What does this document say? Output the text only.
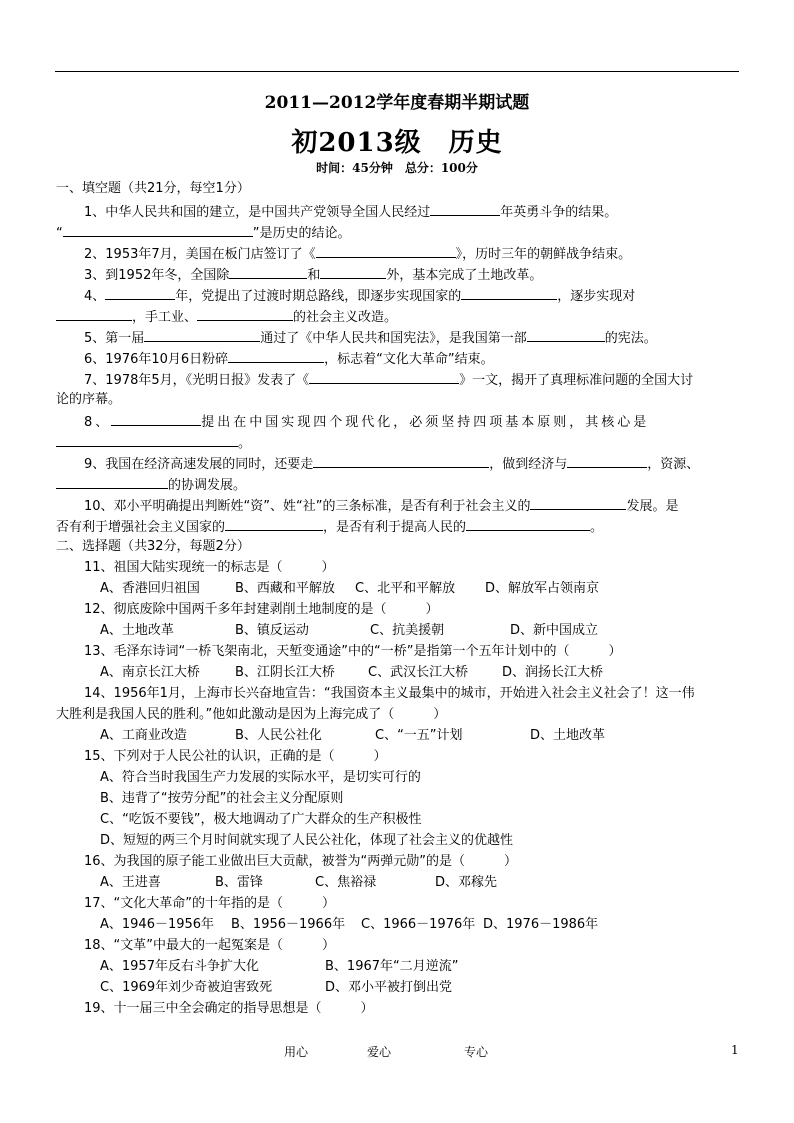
2011—2012学年度春期半期试题
初2013级　历史
时间：45分钟　总分：100分
一、填空题（共21分，每空1分）
1、中华人民共和国的建立，是中国共产党领导全国人民经过	年英勇斗争的结果。
“	”是历史的结论。
2、1953年7月，美国在板门店签订了《	》，历时三年的朝鲜战争结束。
3、到1952年冬，全国除	和	外，基本完成了土地改革。
4、	年，党提出了过渡时期总路线，即逐步实现国家的	，逐步实现对
，手工业、	的社会主义改造。
5、第一届	通过了《中华人民共和国宪法》，是我国第一部	的宪法。
6、1976年10月6日粉碎	，标志着“文化大革命”结束。
7、1978年5月，《光明日报》发表了《	》一文，揭开了真理标准问题的全国大讨
论的序幕。
8、	提出在中国实现四个现代化，必须坚持四项基本原则，其核心是
。
9、我国在经济高速发展的同时，还要走	，做到经济与	，资源、
的协调发展。
10、邓小平明确提出判断姓“资”、姓“社”的三条标准，是否有利于社会主义的	发展。是
否有利于增强社会主义国家的	，是否有利于提高人民的	。
二、选择题（共32分，每题2分）
11、祖国大陆实现统一的标志是（　　　）
A、香港回归祖国	B、西藏和平解放 C、北平和平解放 D、解放军占领南京
12、彻底废除中国两千多年封建剥削土地制度的是（　　　）
A、土地改革	B、镇反运动	C、抗美援朝	D、新中国成立
13、毛泽东诗词“一桥飞架南北，天堑变通途”中的“一桥”是指第一个五年计划中的（　　　）
A、南京长江大桥	B、江阴长江大桥	C、武汉长江大桥	D、润扬长江大桥
14、1956年1月，上海市长兴奋地宣告：“我国资本主义最集中的城市，开始进入社会主义社会了！这一伟
大胜利是我国人民的胜利。”他如此激动是因为上海完成了（　　　）
A、工商业改造	B、人民公社化	C、“一五”计划	D、土地改革
15、下列对于人民公社的认识，正确的是（　　　）
A、符合当时我国生产力发展的实际水平，是切实可行的
B、违背了“按劳分配”的社会主义分配原则
C、“吃饭不要钱”，极大地调动了广大群众的生产积极性
D、短短的两三个月时间就实现了人民公社化，体现了社会主义的优越性
16、为我国的原子能工业做出巨大贡献，被誉为“两弹元勋”的是（　　　）
A、王进喜	B、雷锋	C、焦裕禄	D、邓稼先
17、“文化大革命”的十年指的是（　　　）
A、1946－1956年 B、1956－1966年 C、1966－1976年 D、1976－1986年
18、“文革”中最大的一起冤案是（　　　）
A、1957年反右斗争扩大化	B、1967年“二月逆流”
C、1969年刘少奇被迫害致死	D、邓小平被打倒出党
19、十一届三中全会确定的指导思想是（　　　）
用心	爱心	专心	1
